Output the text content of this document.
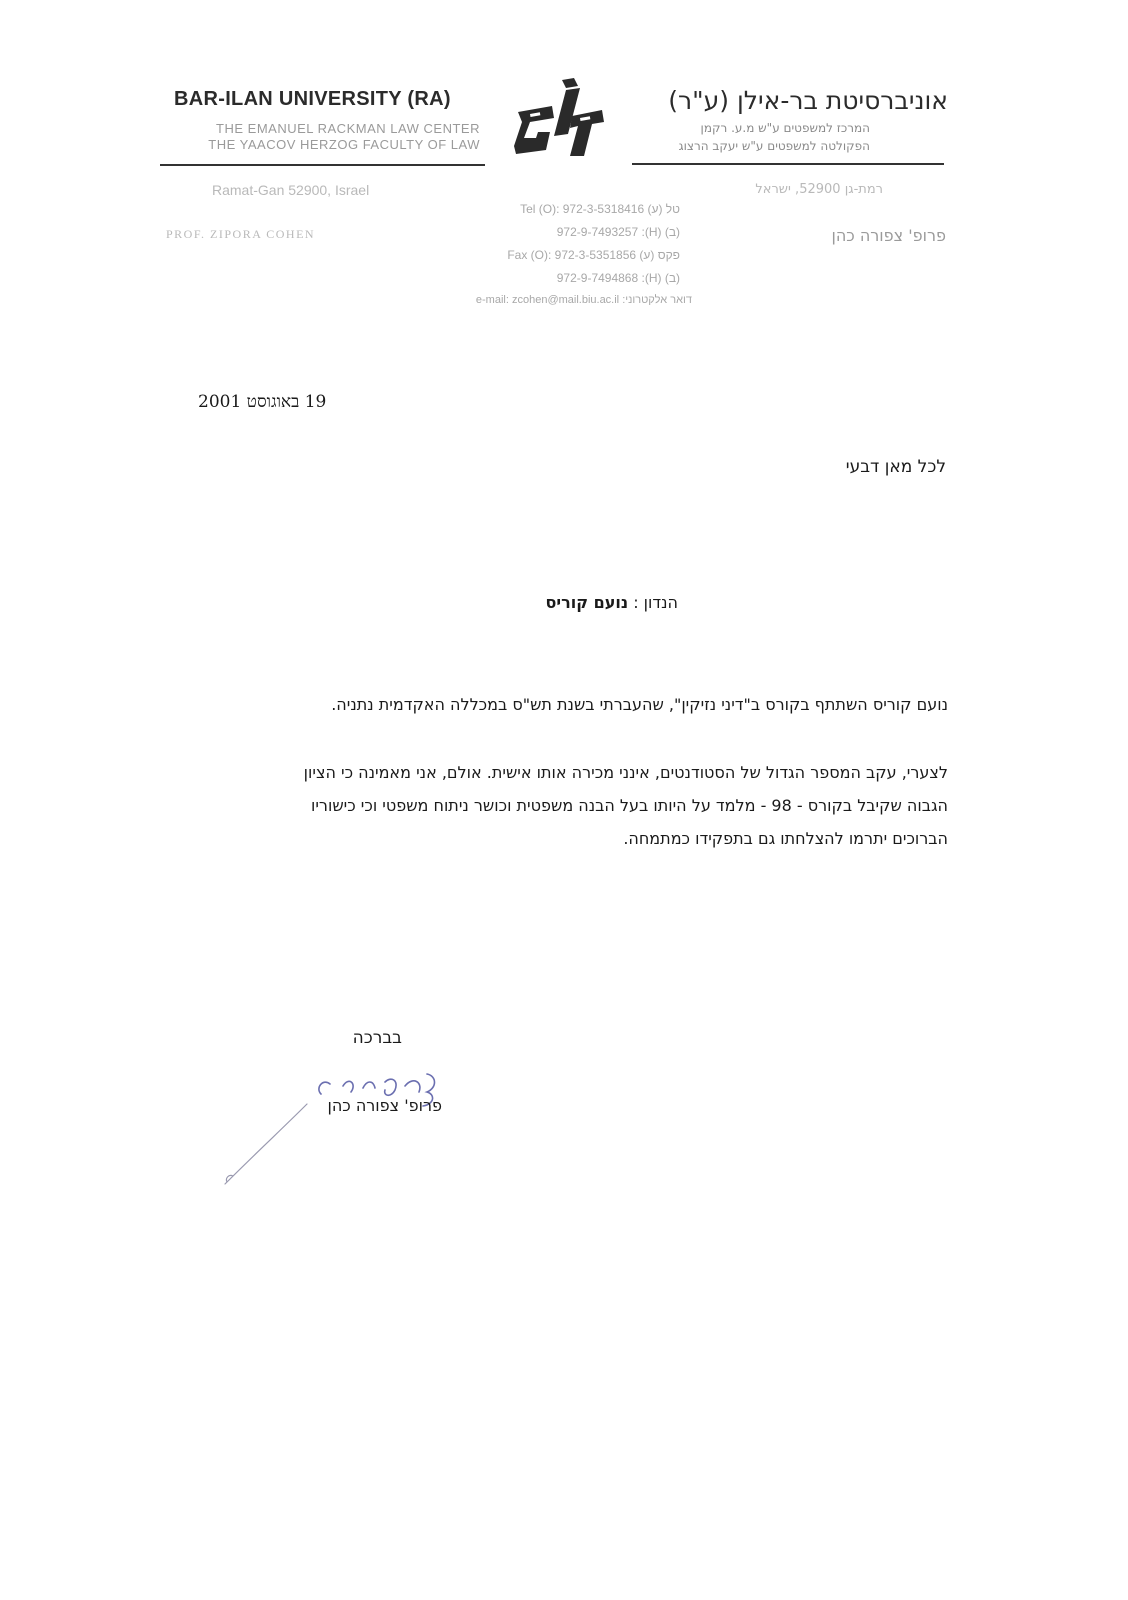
BAR-ILAN UNIVERSITY (RA)
THE EMANUEL RACKMAN LAW CENTER
THE YAACOV HERZOG FACULTY OF LAW
Ramat-Gan 52900, Israel
PROF. ZIPORA COHEN
אוניברסיטת בר-אילן (ע"ר)
המרכז למשפטים ע"ש מ.ע. רקמן
הפקולטה למשפטים ע"ש יעקב הרצוג
רמת-גן 52900, ישראל
פרופ' צפורה כהן
טל (ע) Tel (O): 972-3-5318416
(ב) (H): 972-9-7493257
פקס (ע) Fax (O): 972-3-5351856
(ב) (H): 972-9-7494868
דואר אלקטרוני: e-mail: zcohen@mail.biu.ac.il
19 באוגוסט 2001
לכל מאן דבעי
הנדון : נועם קוריס
נועם קוריס השתתף בקורס ב"דיני נזיקין", שהעברתי בשנת תש"ס במכללה האקדמית נתניה.
לצערי, עקב המספר הגדול של הסטודנטים, אינני מכירה אותו אישית. אולם, אני מאמינה כי הציון
הגבוה שקיבל בקורס - 98 - מלמד על היותו בעל הבנה משפטית וכושר ניתוח משפטי וכי כישוריו
הברוכים יתרמו להצלחתו גם בתפקידו כמתמחה.
בברכה
פרופ' צפורה כהן
